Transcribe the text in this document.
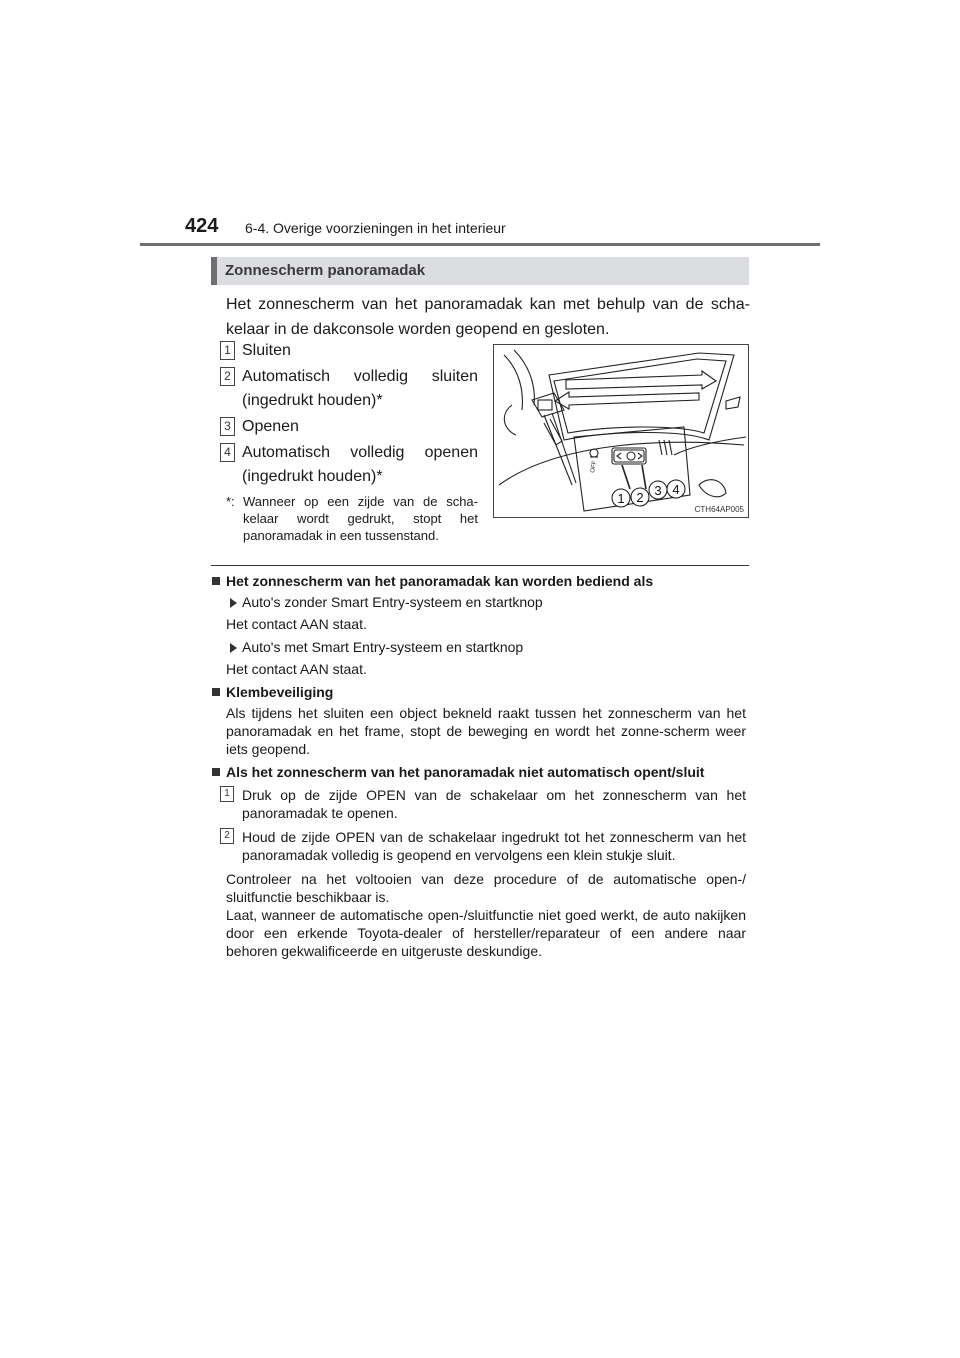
424 6-4. Overige voorzieningen in het interieur
Zonnescherm panoramadak
Het zonnescherm van het panoramadak kan met behulp van de scha-kelaar in de dakconsole worden geopend en gesloten.
1 Sluiten
2 Automatisch volledig sluiten (ingedrukt houden)*
3 Openen
4 Automatisch volledig openen (ingedrukt houden)*
*: Wanneer op een zijde van de scha-kelaar wordt gedrukt, stopt het panoramadak in een tussenstand.
OFF
1 2 3 4
CTH64AP005
Het zonnescherm van het panoramadak kan worden bediend als
Auto's zonder Smart Entry-systeem en startknop
Het contact AAN staat.
Auto's met Smart Entry-systeem en startknop
Het contact AAN staat.
Klembeveiliging
Als tijdens het sluiten een object bekneld raakt tussen het zonnescherm van het panoramadak en het frame, stopt de beweging en wordt het zonne-scherm weer iets geopend.
Als het zonnescherm van het panoramadak niet automatisch opent/sluit
1 Druk op de zijde OPEN van de schakelaar om het zonnescherm van het panoramadak te openen.
2 Houd de zijde OPEN van de schakelaar ingedrukt tot het zonnescherm van het panoramadak volledig is geopend en vervolgens een klein stukje sluit.
Controleer na het voltooien van deze procedure of de automatische open-/ sluitfunctie beschikbaar is.
Laat, wanneer de automatische open-/sluitfunctie niet goed werkt, de auto nakijken door een erkende Toyota-dealer of hersteller/reparateur of een andere naar behoren gekwalificeerde en uitgeruste deskundige.
